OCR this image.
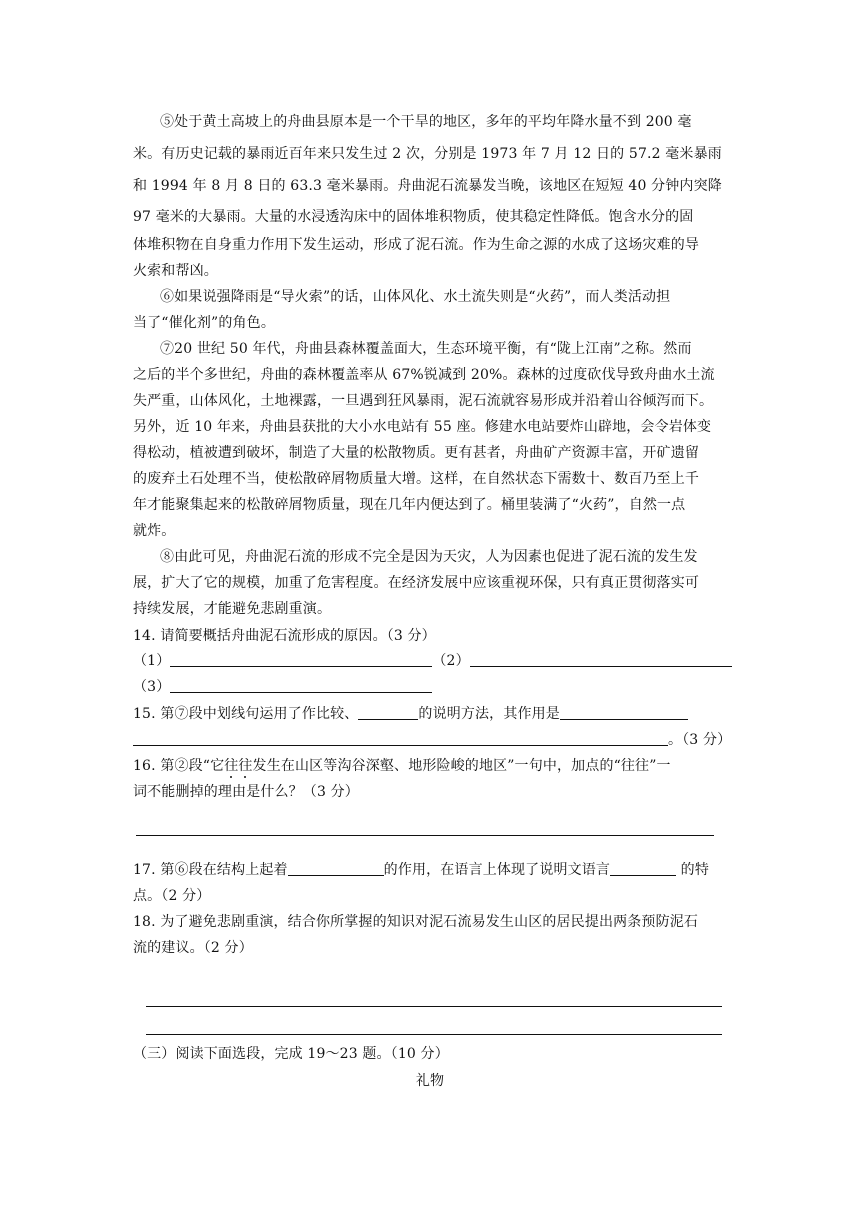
⑤处于黄土高坡上的舟曲县原本是一个干旱的地区，多年的平均年降水量不到 200 毫
米。有历史记载的暴雨近百年来只发生过 2 次，分别是 1973 年 7 月 12 日的 57.2 毫米暴雨
和 1994 年 8 月 8 日的 63.3 毫米暴雨。舟曲泥石流暴发当晚，该地区在短短 40 分钟内突降
97 毫米的大暴雨。大量的水浸透沟床中的固体堆积物质，使其稳定性降低。饱含水分的固
体堆积物在自身重力作用下发生运动，形成了泥石流。作为生命之源的水成了这场灾难的导
火索和帮凶。
⑥如果说强降雨是“导火索”的话，山体风化、水土流失则是“火药”，而人类活动担
当了“催化剂”的角色。
⑦20 世纪 50 年代，舟曲县森林覆盖面大，生态环境平衡，有“陇上江南”之称。然而
之后的半个多世纪，舟曲的森林覆盖率从 67%锐减到 20%。森林的过度砍伐导致舟曲水土流
失严重，山体风化，土地裸露，一旦遇到狂风暴雨，泥石流就容易形成并沿着山谷倾泻而下。
另外，近 10 年来，舟曲县获批的大小水电站有 55 座。修建水电站要炸山辟地，会令岩体变
得松动，植被遭到破坏，制造了大量的松散物质。更有甚者，舟曲矿产资源丰富，开矿遗留
的废弃土石处理不当，使松散碎屑物质量大增。这样，在自然状态下需数十、数百乃至上千
年才能聚集起来的松散碎屑物质量，现在几年内便达到了。桶里装满了“火药”，自然一点
就炸。
⑧由此可见，舟曲泥石流的形成不完全是因为天灾，人为因素也促进了泥石流的发生发
展，扩大了它的规模，加重了危害程度。在经济发展中应该重视环保，只有真正贯彻落实可
持续发展，才能避免悲剧重演。
14. 请简要概括舟曲泥石流形成的原因。（3 分）
（1）	（2）
（3）
15. 第⑦段中划线句运用了作比较、	的说明方法，其作用是
。（3 分）
16. 第②段“它往往发生在山区等沟谷深壑、地形险峻的地区”一句中，加点的“往往”一
词不能删掉的理由是什么？（3 分）
17. 第⑥段在结构上起着	的作用，在语言上体现了说明文语言	的特
点。（2 分）
18. 为了避免悲剧重演，结合你所掌握的知识对泥石流易发生山区的居民提出两条预防泥石
流的建议。（2 分）
（三）阅读下面选段，完成 19～23 题。（10 分）
礼物
